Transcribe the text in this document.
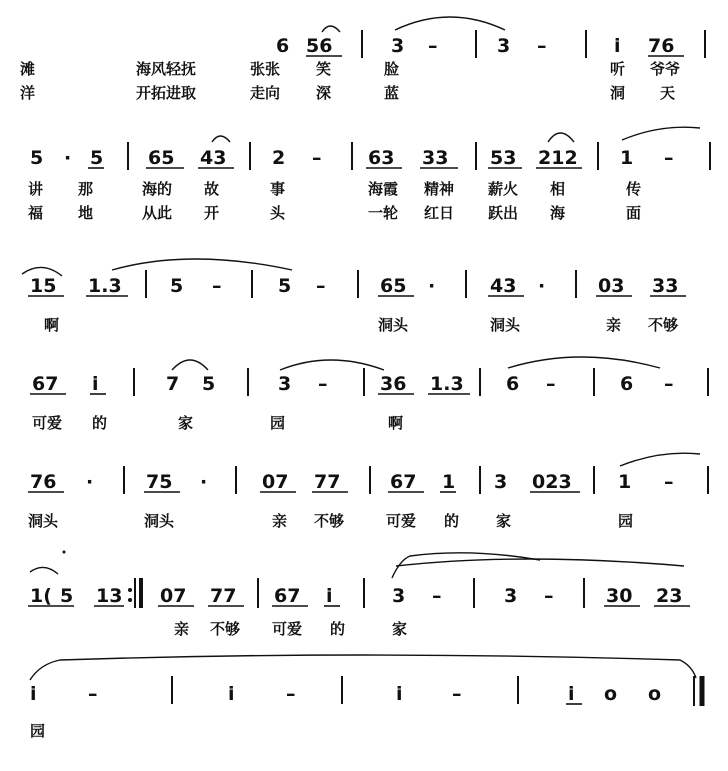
6 56	3 –	3 –	i 76
滩	海风轻抚	张张 笑	脸	听 爷爷
洋	开拓进取	走向 深	蓝	洞 天
5 · 5 65 43 2 – 63 33 53 212 1 –
讲 那	海的 故	事	海霞 精神 薪火 相	传
福 地	从此 开	头	一轮 红日 跃出 海	面
15 1.3	5 –	5 –	65 ·	43 ·	03 33
啊	洞头	洞头	亲 不够
67 i	7 5	3 –	36 1.3 6 –	6 –
可爱 的	家	园	啊
76 ·	75 ·	07 77	67 1 3 023 1 –
洞头	洞头	亲 不够	可爱 的 家	园
1( 5 13 07 77 67 i	3 –	3 –	30 23
亲 不够 可爱 的	家
i	–	i	–	i	–	i o o
园
